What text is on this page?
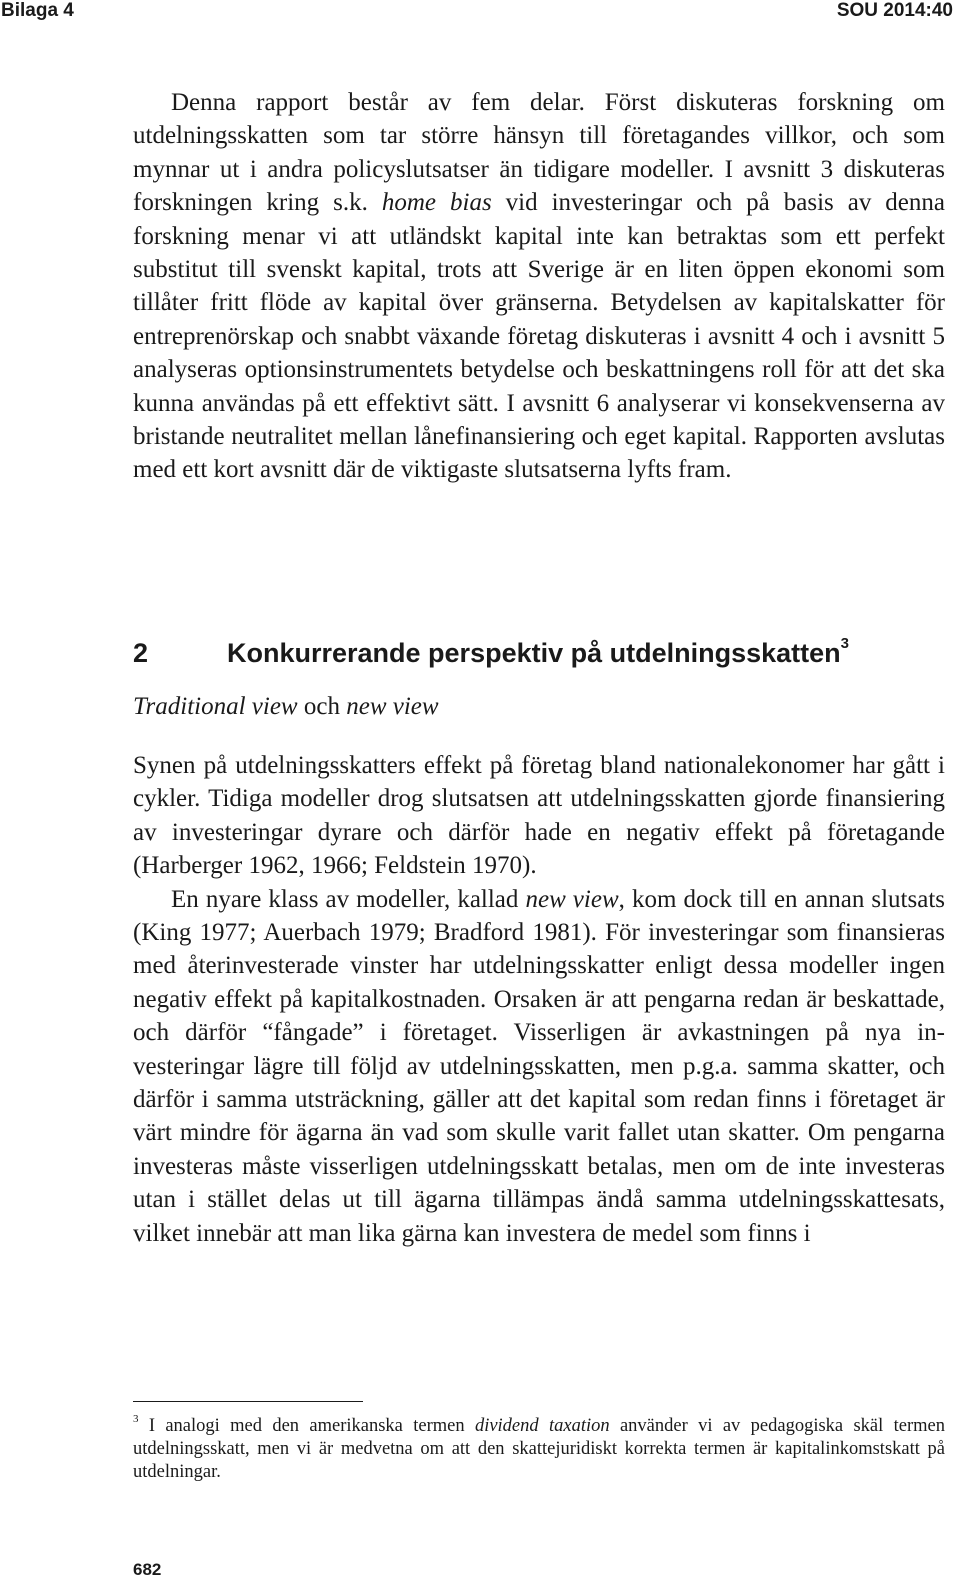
Bilaga 4	SOU 2014:40

Denna rapport består av fem delar. Först diskuteras forskning om utdelningsskatten som tar större hänsyn till företagandes villkor, och som mynnar ut i andra policyslutsatser än tidigare modeller. I avsnitt 3 diskuteras forskningen kring s.k. home bias vid investeringar och på basis av denna forskning menar vi att utländskt kapital inte kan betraktas som ett perfekt substitut till svenskt kapital, trots att Sverige är en liten öppen ekonomi som tillåter fritt flöde av kapital över gränserna. Betydelsen av kapitalskatter för entreprenörskap och snabbt växande företag diskuteras i avsnitt 4 och i avsnitt 5 analyseras optionsinstrumentets betydelse och beskattningens roll för att det ska kunna användas på ett effektivt sätt. I avsnitt 6 analyserar vi konsekvenserna av bristande neutralitet mellan lånefinansiering och eget kapital. Rapporten avslutas med ett kort avsnitt där de viktigaste slutsatserna lyfts fram.

2	Konkurrerande perspektiv på utdelningsskatten$^3$
Traditional view och new view

Synen på utdelningsskatters effekt på företag bland nationalekonomer har gått i cykler. Tidiga modeller drog slutsatsen att utdelningsskatten gjorde finansiering av investeringar dyrare och därför hade en negativ effekt på företagande (Harberger 1962, 1966; Feldstein 1970).

En nyare klass av modeller, kallad new view, kom dock till en annan slutsats (King 1977; Auerbach 1979; Bradford 1981). För investeringar som finansieras med återinvesterade vinster har utdelningsskatter enligt dessa modeller ingen negativ effekt på kapitalkostnaden. Orsaken är att pengarna redan är beskattade, och därför “fångade” i företaget. Visserligen är avkastningen på nya investeringar lägre till följd av utdelningsskatten, men p.g.a. samma skatter, och därför i samma utsträckning, gäller att det kapital som redan finns i företaget är värt mindre för ägarna än vad som skulle varit fallet utan skatter. Om pengarna investeras måste visserligen utdelningsskatt betalas, men om de inte investeras utan i stället delas ut till ägarna tillämpas ändå samma utdelningsskattesats, vilket innebär att man lika gärna kan investera de medel som finns i

$^3$ I analogi med den amerikanska termen dividend taxation använder vi av pedagogiska skäl termen utdelningsskatt, men vi är medvetna om att den skattejuridiskt korrekta termen är kapitalinkomstskatt på utdelningar.
682
